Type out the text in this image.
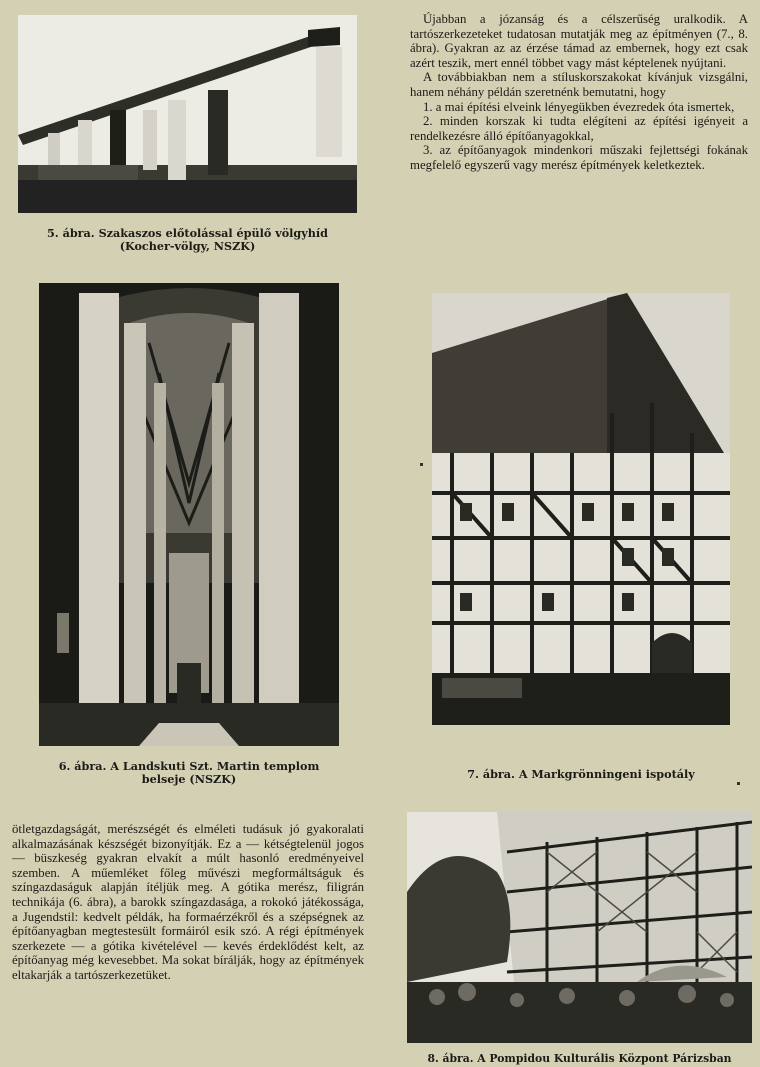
5. ábra. Szakaszos előtolással épülő völgyhíd
(Kocher-völgy, NSZK)

Újabban a józanság és a célszerűség uralkodik. A tartószerkezeteket tudatosan mutatják meg az építményen (7., 8. ábra). Gyakran az az érzése támad az embernek, hogy ezt csak azért teszik, mert ennél többet vagy mást képtelenek nyújtani.

A továbbiakban nem a stíluskorszakokat kívánjuk vizsgálni, hanem néhány példán szeretnénk bemutatni, hogy

1. a mai építési elveink lényegükben évezredek óta ismertek,

2. minden korszak ki tudta elégíteni az építési igényeit a rendelkezésre álló építőanyagokkal,

3. az építőanyagok mindenkori műszaki fejlettségi fokának megfelelő egyszerű vagy merész építmények keletkeztek.

6. ábra. A Landskuti Szt. Martin templom
belseje (NSZK)	7. ábra. A Markgrönningeni ispotály

ötletgazdagságát, merészségét és elméleti tudásuk jó gyakoralati alkalmazásának készségét bizonyítják. Ez a — kétségtelenül jogos — büszkeség gyakran elvakít a múlt hasonló eredményeivel szemben. A műemléket főleg művészi megformáltságuk és színgazdaságuk alapján ítéljük meg. A gótika merész, filigrán technikája (6. ábra), a barokk színgazdasága, a rokokó játékossága, a Jugendstil: kedvelt példák, ha formaérzékről és a szépségnek az építőanyagban megtestesült formáiról esik szó. A régi építmények szerkezete — a gótika kivételével — kevés érdeklődést kelt, az építőanyag még kevesebbet. Ma sokat bírálják, hogy az építmények eltakarják a tartószerkezetüket.

8. ábra. A Pompidou Kulturális Központ Párizsban
